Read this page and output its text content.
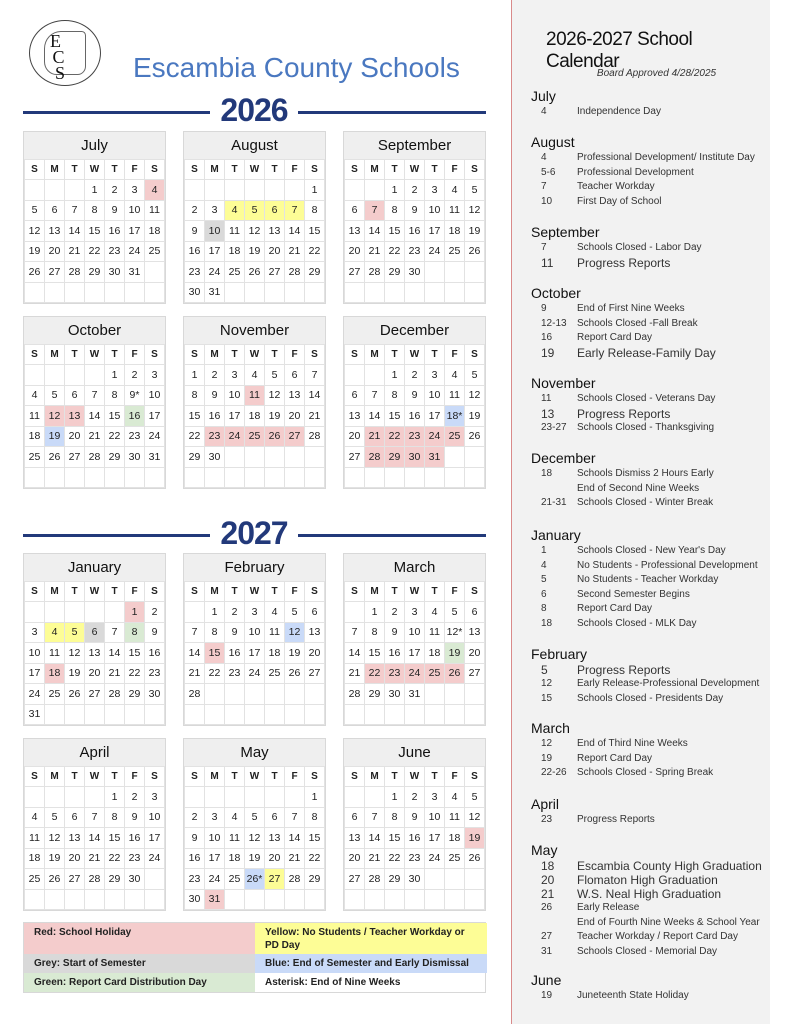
E
C
S Escambia County Schools
2026
2027
July
S	M	T	W	T	F	S
			1	2	3	4
5	6	7	8	9	10	11
12	13	14	15	16	17	18
19	20	21	22	23	24	25
26	27	28	29	30	31	

August
S	M	T	W	T	F	S
						1
2	3	4	5	6	7	8
9	10	11	12	13	14	15
16	17	18	19	20	21	22
23	24	25	26	27	28	29
30	31					
September
S	M	T	W	T	F	S
		1	2	3	4	5
6	7	8	9	10	11	12
13	14	15	16	17	18	19
20	21	22	23	24	25	26
27	28	29	30			

October
S	M	T	W	T	F	S
				1	2	3
4	5	6	7	8	9*	10
11	12	13	14	15	16	17
18	19	20	21	22	23	24
25	26	27	28	29	30	31

November
S	M	T	W	T	F	S
1	2	3	4	5	6	7
8	9	10	11	12	13	14
15	16	17	18	19	20	21
22	23	24	25	26	27	28
29	30					

December
S	M	T	W	T	F	S
		1	2	3	4	5
6	7	8	9	10	11	12
13	14	15	16	17	18*	19
20	21	22	23	24	25	26
27	28	29	30	31		

January
S	M	T	W	T	F	S
					1	2
3	4	5	6	7	8	9
10	11	12	13	14	15	16
17	18	19	20	21	22	23
24	25	26	27	28	29	30
31						
February
S	M	T	W	T	F	S
	1	2	3	4	5	6
7	8	9	10	11	12	13
14	15	16	17	18	19	20
21	22	23	24	25	26	27
28						

March
S	M	T	W	T	F	S
	1	2	3	4	5	6
7	8	9	10	11	12*	13
14	15	16	17	18	19	20
21	22	23	24	25	26	27
28	29	30	31			

April
S	M	T	W	T	F	S
				1	2	3
4	5	6	7	8	9	10
11	12	13	14	15	16	17
18	19	20	21	22	23	24
25	26	27	28	29	30	

May
S	M	T	W	T	F	S
						1
2	3	4	5	6	7	8
9	10	11	12	13	14	15
16	17	18	19	20	21	22
23	24	25	26*	27	28	29
30	31					
June
S	M	T	W	T	F	S
		1	2	3	4	5
6	7	8	9	10	11	12
13	14	15	16	17	18	19
20	21	22	23	24	25	26
27	28	29	30			

Red: School Holiday	Yellow: No Students / Teacher Workday or PD Day
Grey: Start of Semester	Blue: End of Semester and Early Dismissal
Green: Report Card Distribution Day	Asterisk: End of Nine Weeks
2026-2027 School Calendar
Board Approved 4/28/2025
July
4	Independence Day
August
4	Professional Development/ Institute Day
5-6	Professional Development
7	Teacher Workday
10	First Day of School
September
7	Schools Closed - Labor Day
11	Progress Reports
October
9	End of First Nine Weeks
12-13	Schools Closed -Fall Break
16	Report Card Day
19	Early Release-Family Day
November
11	Schools Closed - Veterans Day
13	Progress Reports
23-27	Schools Closed - Thanksgiving
December
18	Schools Dismiss 2 Hours Early
End of Second Nine Weeks
21-31	Schools Closed - Winter Break
January
1	Schools Closed - New Year's Day
4	No Students - Professional Development
5	No Students - Teacher Workday
6	Second Semester Begins
8	Report Card Day
18	Schools Closed - MLK Day
February
5	Progress Reports
12	Early Release-Professional Development
15	Schools Closed - Presidents Day
March
12	End of Third Nine Weeks
19	Report Card Day
22-26	Schools Closed - Spring Break
April
23	Progress Reports
May
18	Escambia County High Graduation
20	Flomaton High Graduation
21	W.S. Neal High Graduation
26	Early Release
End of Fourth Nine Weeks & School Year
27	Teacher Workday / Report Card Day
31	Schools Closed - Memorial Day
June
19	Juneteenth State Holiday
